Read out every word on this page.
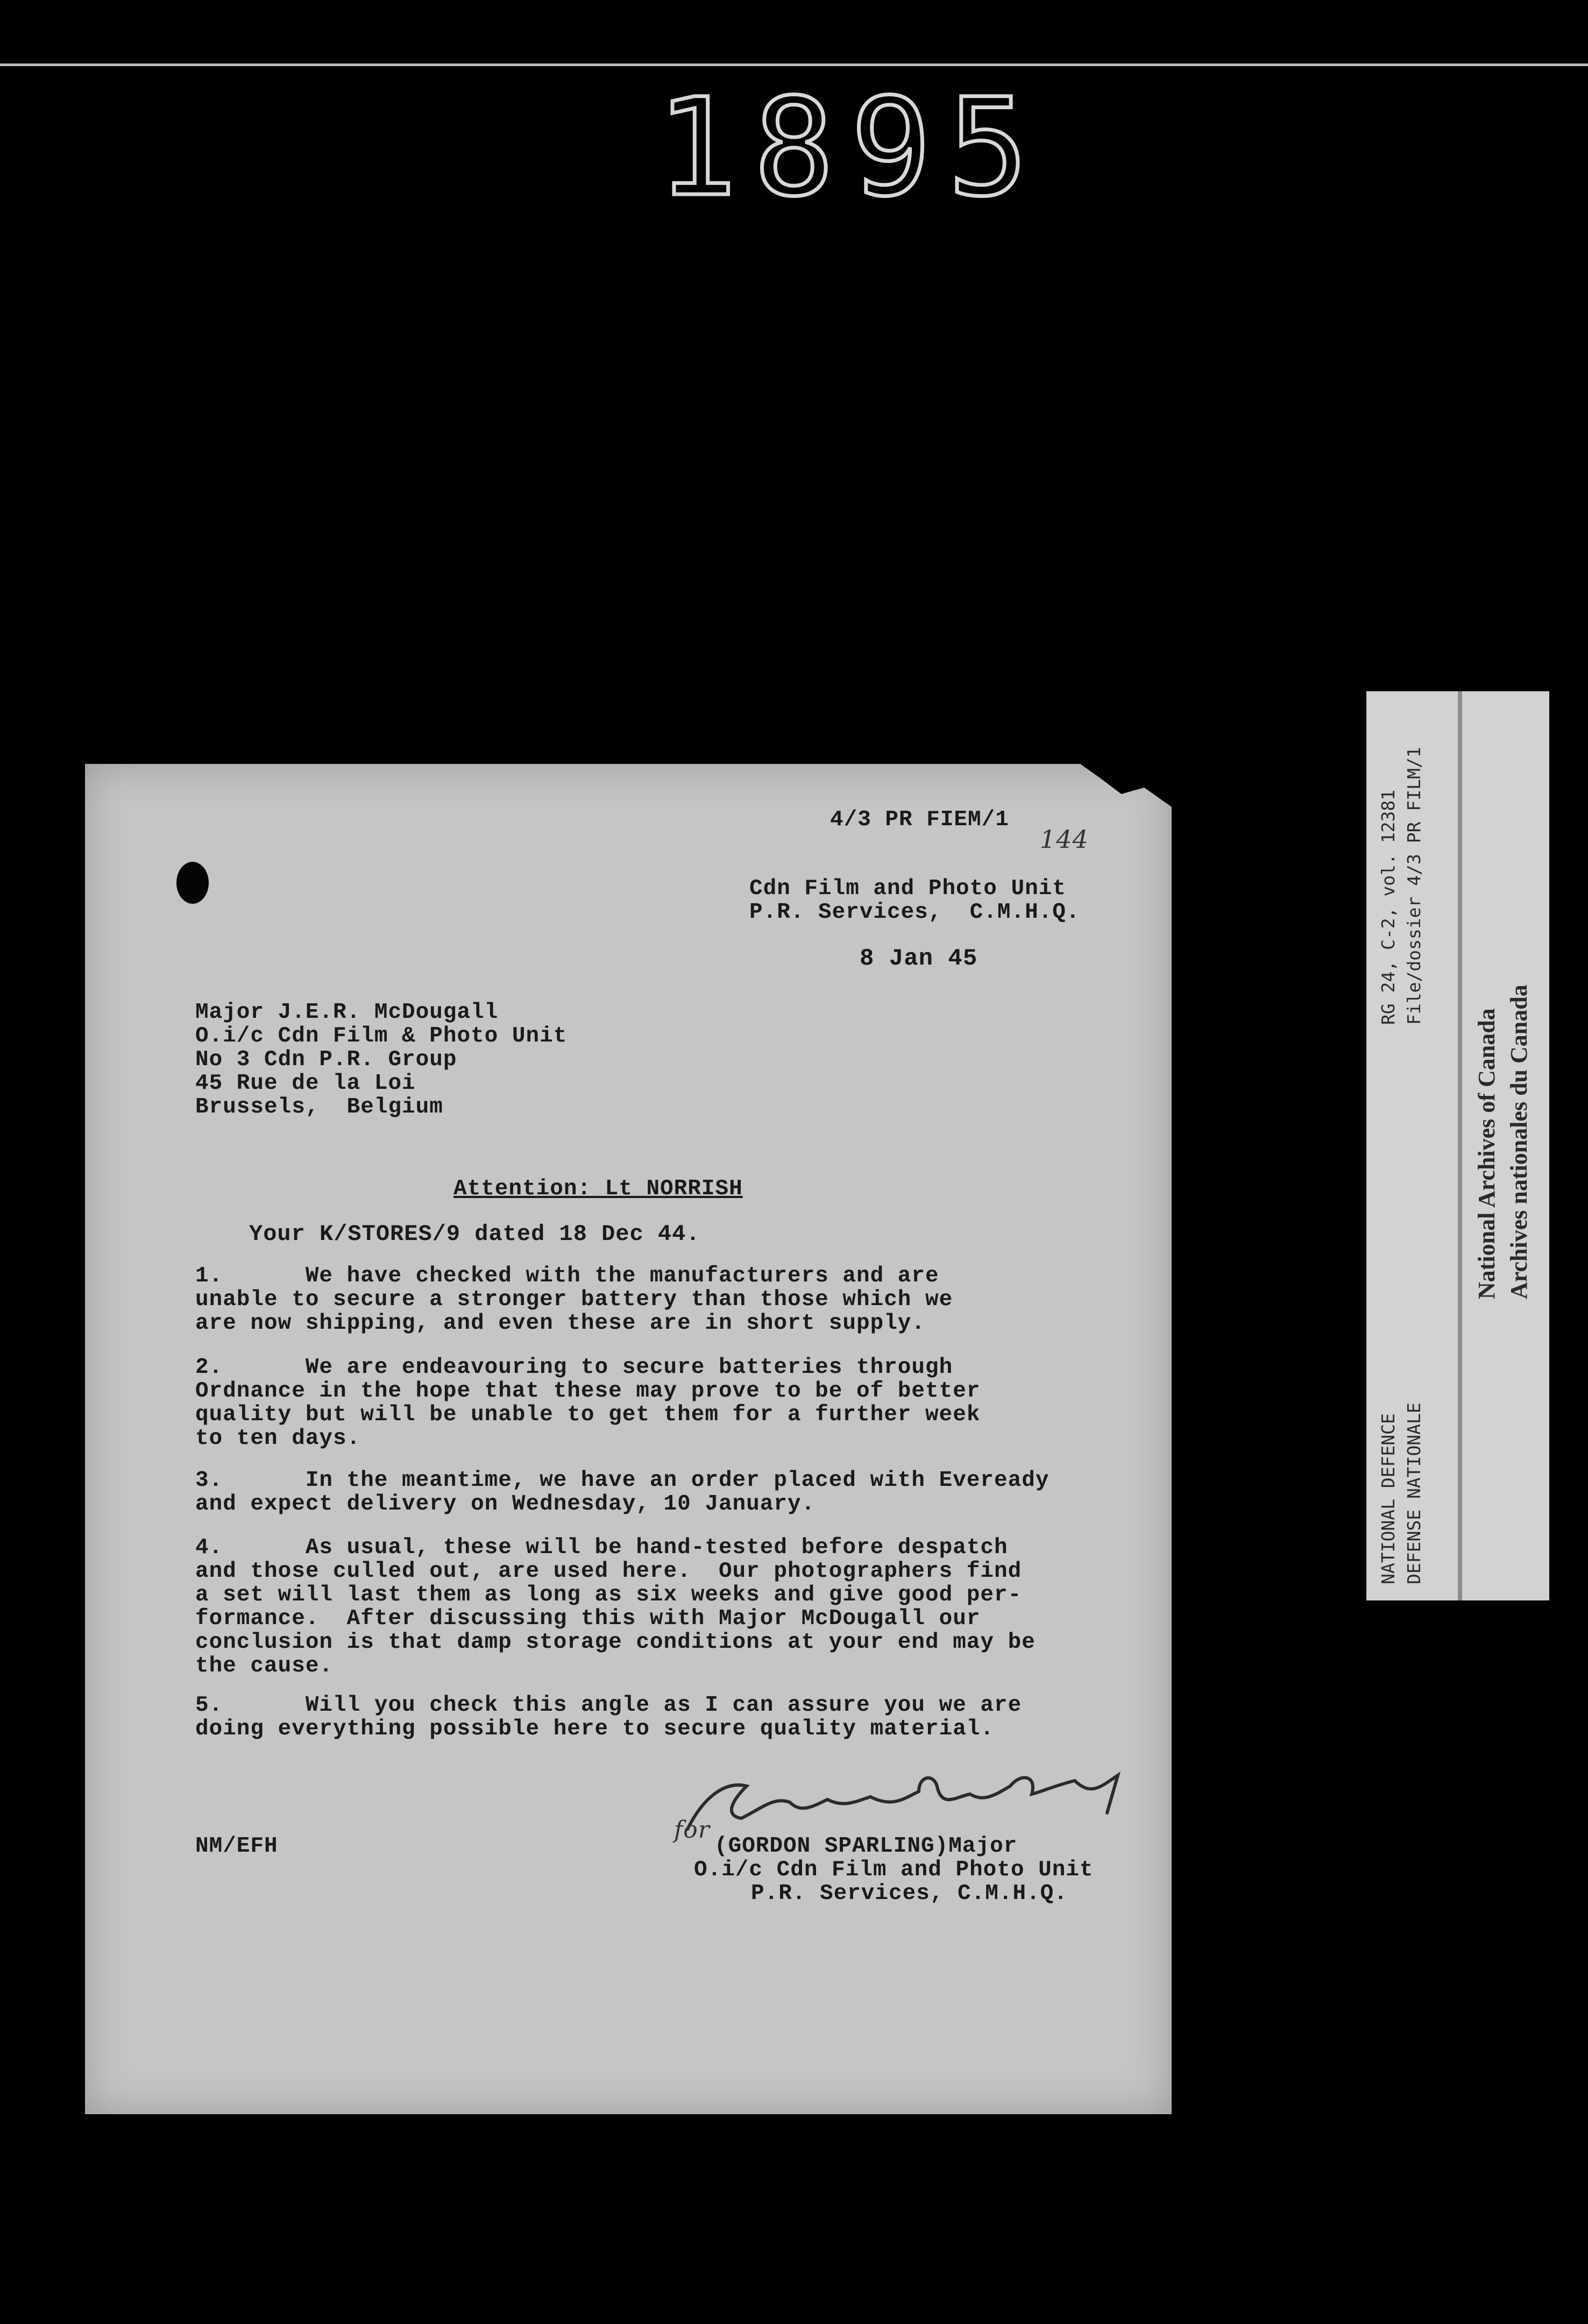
1895
4/3 PR FIEM/1
144
Cdn Film and Photo Unit
P.R. Services,  C.M.H.Q.
8 Jan 45
Major J.E.R. McDougall
O.i/c Cdn Film & Photo Unit
No 3 Cdn P.R. Group
45 Rue de la Loi
Brussels,  Belgium
Attention: Lt NORRISH
Your K/STORES/9 dated 18 Dec 44.
1.      We have checked with the manufacturers and are
unable to secure a stronger battery than those which we
are now shipping, and even these are in short supply.
2.      We are endeavouring to secure batteries through
Ordnance in the hope that these may prove to be of better
quality but will be unable to get them for a further week
to ten days.
3.      In the meantime, we have an order placed with Eveready
and expect delivery on Wednesday, 10 January.
4.      As usual, these will be hand-tested before despatch
and those culled out, are used here.  Our photographers find
a set will last them as long as six weeks and give good per-
formance.  After discussing this with Major McDougall our
conclusion is that damp storage conditions at your end may be
the cause.
5.      Will you check this angle as I can assure you we are
doing everything possible here to secure quality material.
for
(GORDON SPARLING)Major
O.i/c Cdn Film and Photo Unit
P.R. Services, C.M.H.Q.
NM/EFH
RG 24, C-2, vol. 12381 File/dossier 4/3 PR FILM/1
NATIONAL DEFENCE DEFENSE NATIONALE
National Archives of Canada Archives nationales du Canada
